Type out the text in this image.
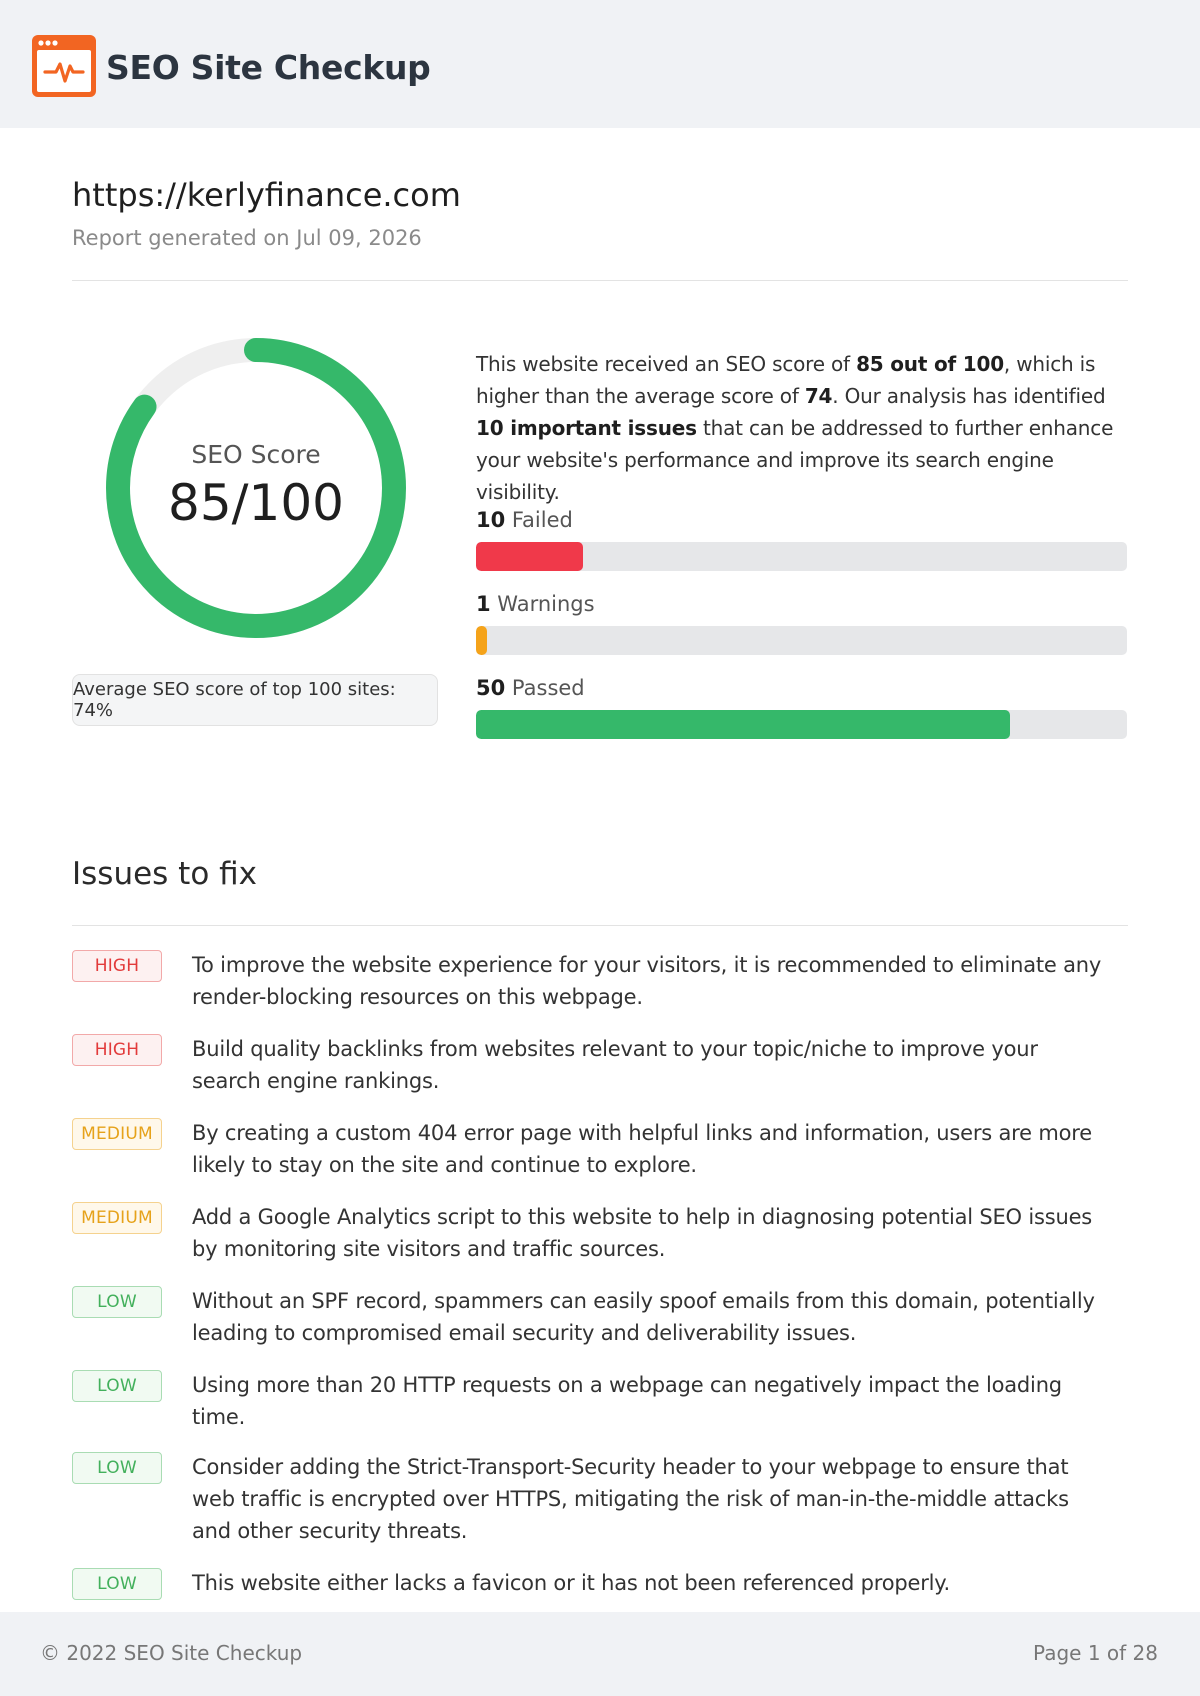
SEO Site Checkup
https://kerlyfinance.com
Report generated on Jul 09, 2026
SEO Score
85/100
Average SEO score of top 100 sites: 74%
This website received an SEO score of 85 out of 100, which is higher than the average score of 74. Our analysis has identified 10 important issues that can be addressed to further enhance your website's performance and improve its search engine visibility.
10 Failed
1 Warnings
50 Passed
Issues to fix
HIGH	To improve the website experience for your visitors, it is recommended to eliminate any render-blocking resources on this webpage.
HIGH	Build quality backlinks from websites relevant to your topic/niche to improve your search engine rankings.
MEDIUM	By creating a custom 404 error page with helpful links and information, users are more likely to stay on the site and continue to explore.
MEDIUM	Add a Google Analytics script to this website to help in diagnosing potential SEO issues by monitoring site visitors and traffic sources.
LOW	Without an SPF record, spammers can easily spoof emails from this domain, potentially leading to compromised email security and deliverability issues.
LOW	Using more than 20 HTTP requests on a webpage can negatively impact the loading time.
LOW	Consider adding the Strict-Transport-Security header to your webpage to ensure that web traffic is encrypted over HTTPS, mitigating the risk of man-in-the-middle attacks and other security threats.
LOW	This website either lacks a favicon or it has not been referenced properly.
© 2022 SEO Site Checkup	Page 1 of 28
